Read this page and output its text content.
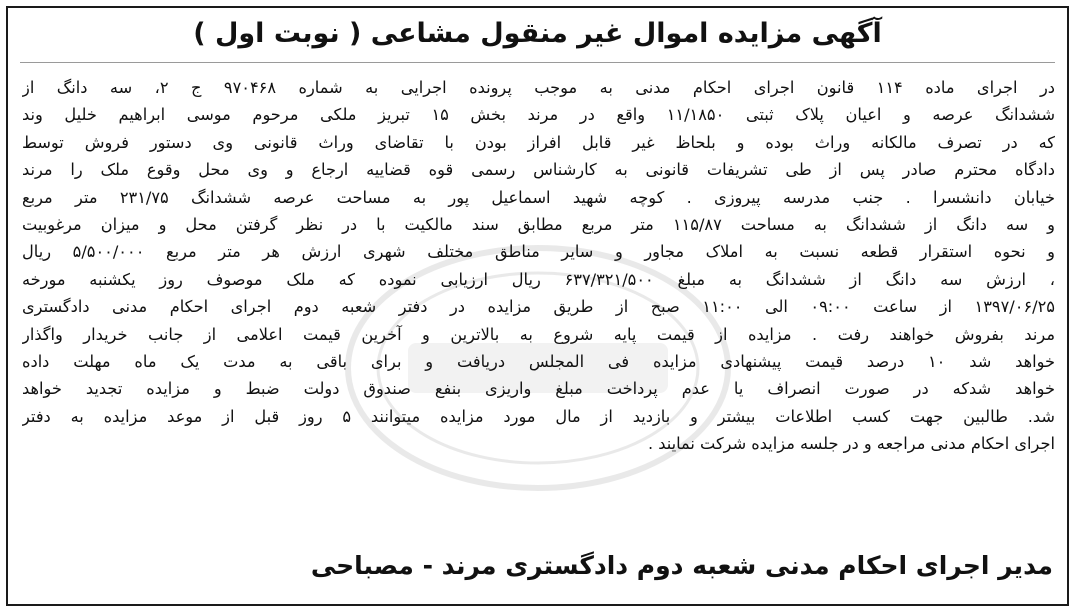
آگهی مزایده اموال غیر منقول مشاعی ( نوبت اول )
در اجرای ماده ۱۱۴ قانون اجرای احکام مدنی به موجب پرونده اجرایی به شماره ۹۷۰۴۶۸ ج ۲، سه دانگ از
ششدانگ عرصه و اعیان پلاک ثبتی ۱۱/۱۸۵۰ واقع در مرند بخش ۱۵ تبریز ملکی مرحوم موسی ابراهیم خلیل وند
که در تصرف مالکانه وراث بوده و بلحاظ غیر قابل افراز بودن با تقاضای وراث قانونی وی دستور فروش توسط
دادگاه محترم صادر پس از طی تشریفات قانونی به کارشناس رسمی قوه قضاییه ارجاع و وی محل وقوع ملک را مرند
خیابان دانشسرا . جنب مدرسه پیروزی . کوچه شهید اسماعیل پور به مساحت عرصه ششدانگ ۲۳۱/۷۵ متر مربع
و سه دانگ از ششدانگ به مساحت ۱۱۵/۸۷ متر مربع مطابق سند مالکیت با در نظر گرفتن محل و میزان مرغوبیت
و نحوه استقرار قطعه نسبت به املاک مجاور و سایر مناطق مختلف شهری ارزش هر متر مربع ۵/۵۰۰/۰۰۰ ریال
، ارزش سه دانگ از ششدانگ به مبلغ ۶۳۷/۳۲۱/۵۰۰ ریال ارزیابی نموده که ملک موصوف روز یکشنبه مورخه
۱۳۹۷/۰۶/۲۵ از ساعت ۰۹:۰۰ الی ۱۱:۰۰ صبح از طریق مزایده در دفتر شعبه دوم اجرای احکام مدنی دادگستری
مرند بفروش خواهند رفت . مزایده از قیمت پایه شروع به بالاترین و آخرین قیمت اعلامی از جانب خریدار واگذار
خواهد شد ۱۰ درصد قیمت پیشنهادی مزایده فی المجلس دریافت و برای باقی به مدت یک ماه مهلت داده
خواهد شدکه در صورت انصراف یا عدم پرداخت مبلغ واریزی بنفع صندوق دولت ضبط و مزایده تجدید خواهد
شد. طالبین جهت کسب اطلاعات بیشتر و بازدید از مال مورد مزایده میتوانند ۵ روز قبل از موعد مزایده به دفتر
اجرای احکام مدنی مراجعه و در جلسه مزایده شرکت نمایند .
مدیر اجرای احکام مدنی شعبه دوم دادگستری مرند - مصباحی
